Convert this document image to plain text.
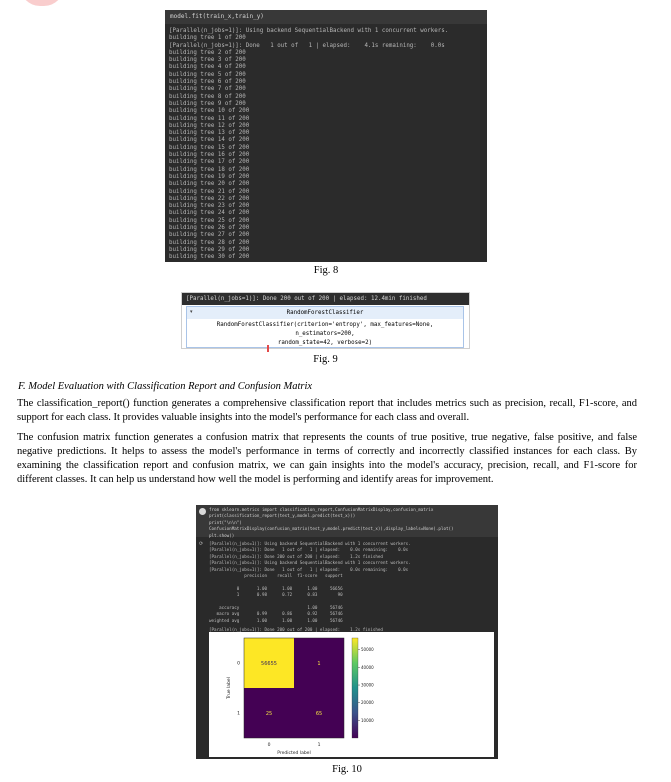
model.fit(train_x,train_y)
[Parallel(n_jobs=1)]: Using backend SequentialBackend with 1 concurrent workers.
building tree 1 of 200
[Parallel(n_jobs=1)]: Done   1 out of   1 | elapsed:    4.1s remaining:    0.0s
building tree 2 of 200
building tree 3 of 200
building tree 4 of 200
building tree 5 of 200
building tree 6 of 200
building tree 7 of 200
building tree 8 of 200
building tree 9 of 200
building tree 10 of 200
building tree 11 of 200
building tree 12 of 200
building tree 13 of 200
building tree 14 of 200
building tree 15 of 200
building tree 16 of 200
building tree 17 of 200
building tree 18 of 200
building tree 19 of 200
building tree 20 of 200
building tree 21 of 200
building tree 22 of 200
building tree 23 of 200
building tree 24 of 200
building tree 25 of 200
building tree 26 of 200
building tree 27 of 200
building tree 28 of 200
building tree 29 of 200
building tree 30 of 200
Fig. 8
[Parallel(n_jobs=1)]: Done 200 out of 200 | elapsed: 12.4min finished
RandomForestClassifier
▾
RandomForestClassifier(criterion='entropy', max_features=None, n_estimators=200,
random_state=42, verbose=2)
Fig. 9
F. Model Evaluation with Classification Report and Confusion Matrix
The classification_report() function generates a comprehensive classification report that includes metrics such as precision, recall, F1-score, and support for each class. It provides valuable insights into the model's performance for each class and overall.
The confusion matrix function generates a confusion matrix that represents the counts of true positive, true negative, false positive, and false negative predictions. It helps to assess the model's performance in terms of correctly and incorrectly classified instances for each class. By examining the classification report and confusion matrix, we can gain insights into the model's accuracy, precision, recall, and F1-score for different classes. It can help us understand how well the model is performing and identify areas for improvement.
from sklearn.metrics import classification_report,ConfusionMatrixDisplay,confusion_matrix
print(classification_report(test_y,model.predict(test_x)))
print("\n\n")
ConfusionMatrixDisplay(confusion_matrix(test_y,model.predict(test_x)),display_labels=None).plot()
plt.show()
⟳ [Parallel(n_jobs=1)]: Using backend SequentialBackend with 1 concurrent workers.
[Parallel(n_jobs=1)]: Done   1 out of   1 | elapsed:    0.0s remaining:    0.0s
[Parallel(n_jobs=1)]: Done 200 out of 200 | elapsed:    1.2s finished
[Parallel(n_jobs=1)]: Using backend SequentialBackend with 1 concurrent workers.
[Parallel(n_jobs=1)]: Done   1 out of   1 | elapsed:    0.0s remaining:    0.0s
precision    recall  f1-score   support

0       1.00      1.00      1.00     56656
1       0.98      0.72      0.83        90

accuracy                           1.00     56746
macro avg       0.99      0.86      0.92     56746
weighted avg       1.00      1.00      1.00     56746
[Parallel(n_jobs=1)]: Done 200 out of 200 | elapsed:    1.2s finished
56655	1
25	65
0
0
1
1
Predicted label
True label
10000
20000
30000
40000
50000
Fig. 10
